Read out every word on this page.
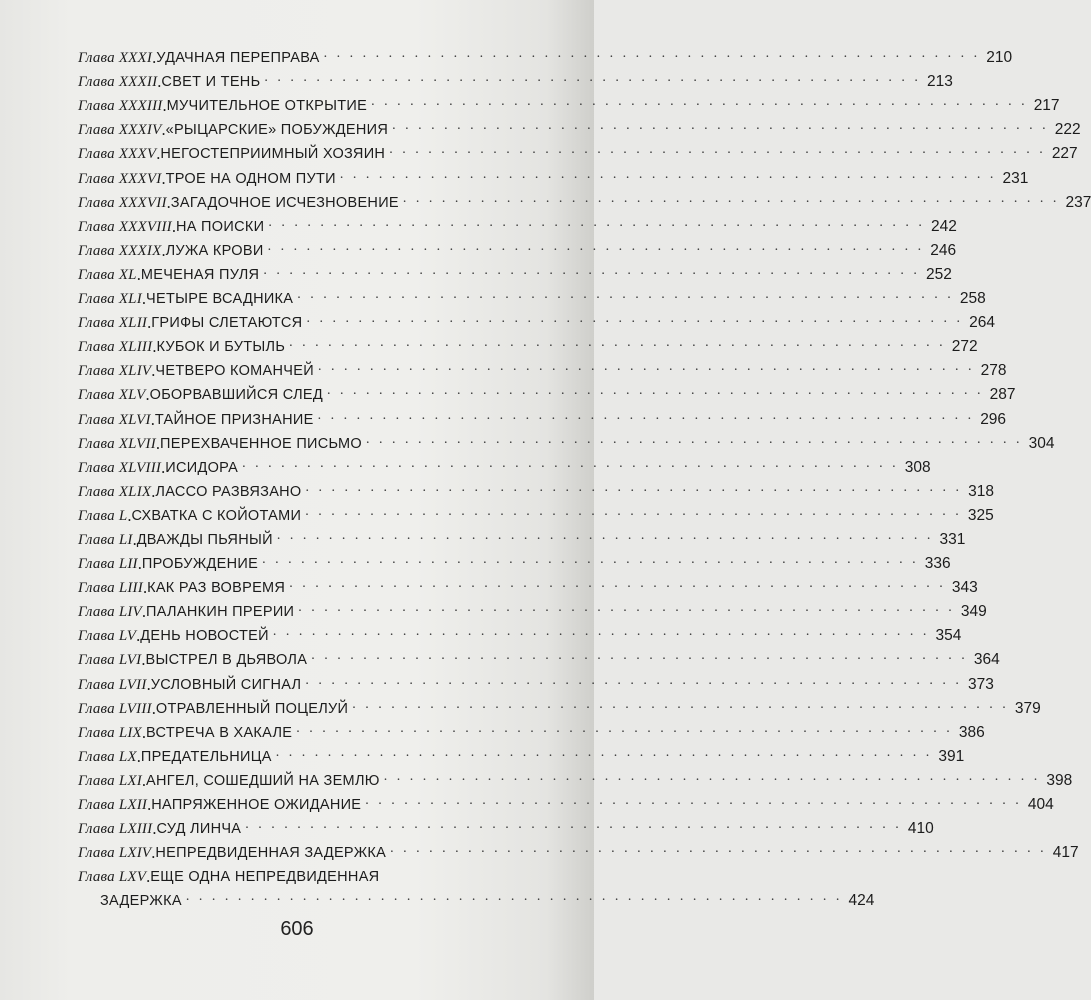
Глава XXXI . УДАЧНАЯ ПЕРЕПРАВА . . . . . . . . . . . . . . . . . . . . . . . . . . . . . . . . . . . . . . . . . . . . . . . . . . . 210
Глава XXXII . СВЕТ И ТЕНЬ . . . . . . . . . . . . . . . . . . . . . . . . . . . . . . . . . . . . . . . . . . . . . . . . . . . 213
Глава XXXIII . МУЧИТЕЛЬНОЕ ОТКРЫТИЕ . . . . . . . . . . . . . . . . . . . . . . . . . . . . . . . . . . . . . . . . . . . . . . . . . . . 217
Глава XXXIV . «РЫЦАРСКИЕ» ПОБУЖДЕНИЯ . . . . . . . . . . . . . . . . . . . . . . . . . . . . . . . . . . . . . . . . . . . . . . . . . . . 222
Глава XXXV . НЕГОСТЕПРИИМНЫЙ ХОЗЯИН . . . . . . . . . . . . . . . . . . . . . . . . . . . . . . . . . . . . . . . . . . . . . . . . . . . 227
Глава XXXVI . ТРОЕ НА ОДНОМ ПУТИ . . . . . . . . . . . . . . . . . . . . . . . . . . . . . . . . . . . . . . . . . . . . . . . . . . . 231
Глава XXXVII . ЗАГАДОЧНОЕ ИСЧЕЗНОВЕНИЕ . . . . . . . . . . . . . . . . . . . . . . . . . . . . . . . . . . . . . . . . . . . . . . . . . . . 237
Глава XXXVIII . НА ПОИСКИ . . . . . . . . . . . . . . . . . . . . . . . . . . . . . . . . . . . . . . . . . . . . . . . . . . . 242
Глава XXXIX . ЛУЖА КРОВИ . . . . . . . . . . . . . . . . . . . . . . . . . . . . . . . . . . . . . . . . . . . . . . . . . . . 246
Глава XL . МЕЧЕНАЯ ПУЛЯ . . . . . . . . . . . . . . . . . . . . . . . . . . . . . . . . . . . . . . . . . . . . . . . . . . . 252
Глава XLI . ЧЕТЫРЕ ВСАДНИКА . . . . . . . . . . . . . . . . . . . . . . . . . . . . . . . . . . . . . . . . . . . . . . . . . . . 258
Глава XLII . ГРИФЫ СЛЕТАЮТСЯ . . . . . . . . . . . . . . . . . . . . . . . . . . . . . . . . . . . . . . . . . . . . . . . . . . . 264
Глава XLIII . КУБОК И БУТЫЛЬ . . . . . . . . . . . . . . . . . . . . . . . . . . . . . . . . . . . . . . . . . . . . . . . . . . . 272
Глава XLIV . ЧЕТВЕРО КОМАНЧЕЙ . . . . . . . . . . . . . . . . . . . . . . . . . . . . . . . . . . . . . . . . . . . . . . . . . . . 278
Глава XLV . ОБОРВАВШИЙСЯ СЛЕД . . . . . . . . . . . . . . . . . . . . . . . . . . . . . . . . . . . . . . . . . . . . . . . . . . . 287
Глава XLVI . ТАЙНОЕ ПРИЗНАНИЕ . . . . . . . . . . . . . . . . . . . . . . . . . . . . . . . . . . . . . . . . . . . . . . . . . . . 296
Глава XLVII . ПЕРЕХВАЧЕННОЕ ПИСЬМО . . . . . . . . . . . . . . . . . . . . . . . . . . . . . . . . . . . . . . . . . . . . . . . . . . . 304
Глава XLVIII . ИСИДОРА . . . . . . . . . . . . . . . . . . . . . . . . . . . . . . . . . . . . . . . . . . . . . . . . . . . 308
Глава XLIX . ЛАССО РАЗВЯЗАНО . . . . . . . . . . . . . . . . . . . . . . . . . . . . . . . . . . . . . . . . . . . . . . . . . . . 318
Глава L . СХВАТКА С КОЙОТАМИ . . . . . . . . . . . . . . . . . . . . . . . . . . . . . . . . . . . . . . . . . . . . . . . . . . . 325
Глава LI . ДВАЖДЫ ПЬЯНЫЙ . . . . . . . . . . . . . . . . . . . . . . . . . . . . . . . . . . . . . . . . . . . . . . . . . . . 331
Глава LII . ПРОБУЖДЕНИЕ . . . . . . . . . . . . . . . . . . . . . . . . . . . . . . . . . . . . . . . . . . . . . . . . . . . 336
Глава LIII . КАК РАЗ ВОВРЕМЯ . . . . . . . . . . . . . . . . . . . . . . . . . . . . . . . . . . . . . . . . . . . . . . . . . . . 343
Глава LIV . ПАЛАНКИН ПРЕРИИ . . . . . . . . . . . . . . . . . . . . . . . . . . . . . . . . . . . . . . . . . . . . . . . . . . . 349
Глава LV . ДЕНЬ НОВОСТЕЙ . . . . . . . . . . . . . . . . . . . . . . . . . . . . . . . . . . . . . . . . . . . . . . . . . . . 354
Глава LVI . ВЫСТРЕЛ В ДЬЯВОЛА . . . . . . . . . . . . . . . . . . . . . . . . . . . . . . . . . . . . . . . . . . . . . . . . . . . 364
Глава LVII . УСЛОВНЫЙ СИГНАЛ . . . . . . . . . . . . . . . . . . . . . . . . . . . . . . . . . . . . . . . . . . . . . . . . . . . 373
Глава LVIII . ОТРАВЛЕННЫЙ ПОЦЕЛУЙ . . . . . . . . . . . . . . . . . . . . . . . . . . . . . . . . . . . . . . . . . . . . . . . . . . . 379
Глава LIX . ВСТРЕЧА В ХАКАЛЕ . . . . . . . . . . . . . . . . . . . . . . . . . . . . . . . . . . . . . . . . . . . . . . . . . . . 386
Глава LX . ПРЕДАТЕЛЬНИЦА . . . . . . . . . . . . . . . . . . . . . . . . . . . . . . . . . . . . . . . . . . . . . . . . . . . 391
Глава LXI . АНГЕЛ, СОШЕДШИЙ НА ЗЕМЛЮ . . . . . . . . . . . . . . . . . . . . . . . . . . . . . . . . . . . . . . . . . . . . . . . . . . . 398
Глава LXII . НАПРЯЖЕННОЕ ОЖИДАНИЕ . . . . . . . . . . . . . . . . . . . . . . . . . . . . . . . . . . . . . . . . . . . . . . . . . . . 404
Глава LXIII . СУД ЛИНЧА . . . . . . . . . . . . . . . . . . . . . . . . . . . . . . . . . . . . . . . . . . . . . . . . . . . 410
Глава LXIV . НЕПРЕДВИДЕННАЯ ЗАДЕРЖКА . . . . . . . . . . . . . . . . . . . . . . . . . . . . . . . . . . . . . . . . . . . . . . . . . . . 417
Глава LXV . ЕЩЕ ОДНА НЕПРЕДВИДЕННАЯ
ЗАДЕРЖКА . . . . . . . . . . . . . . . . . . . . . . . . . . . . . . . . . . . . . . . . . . . . . . . . . . . 424
606
